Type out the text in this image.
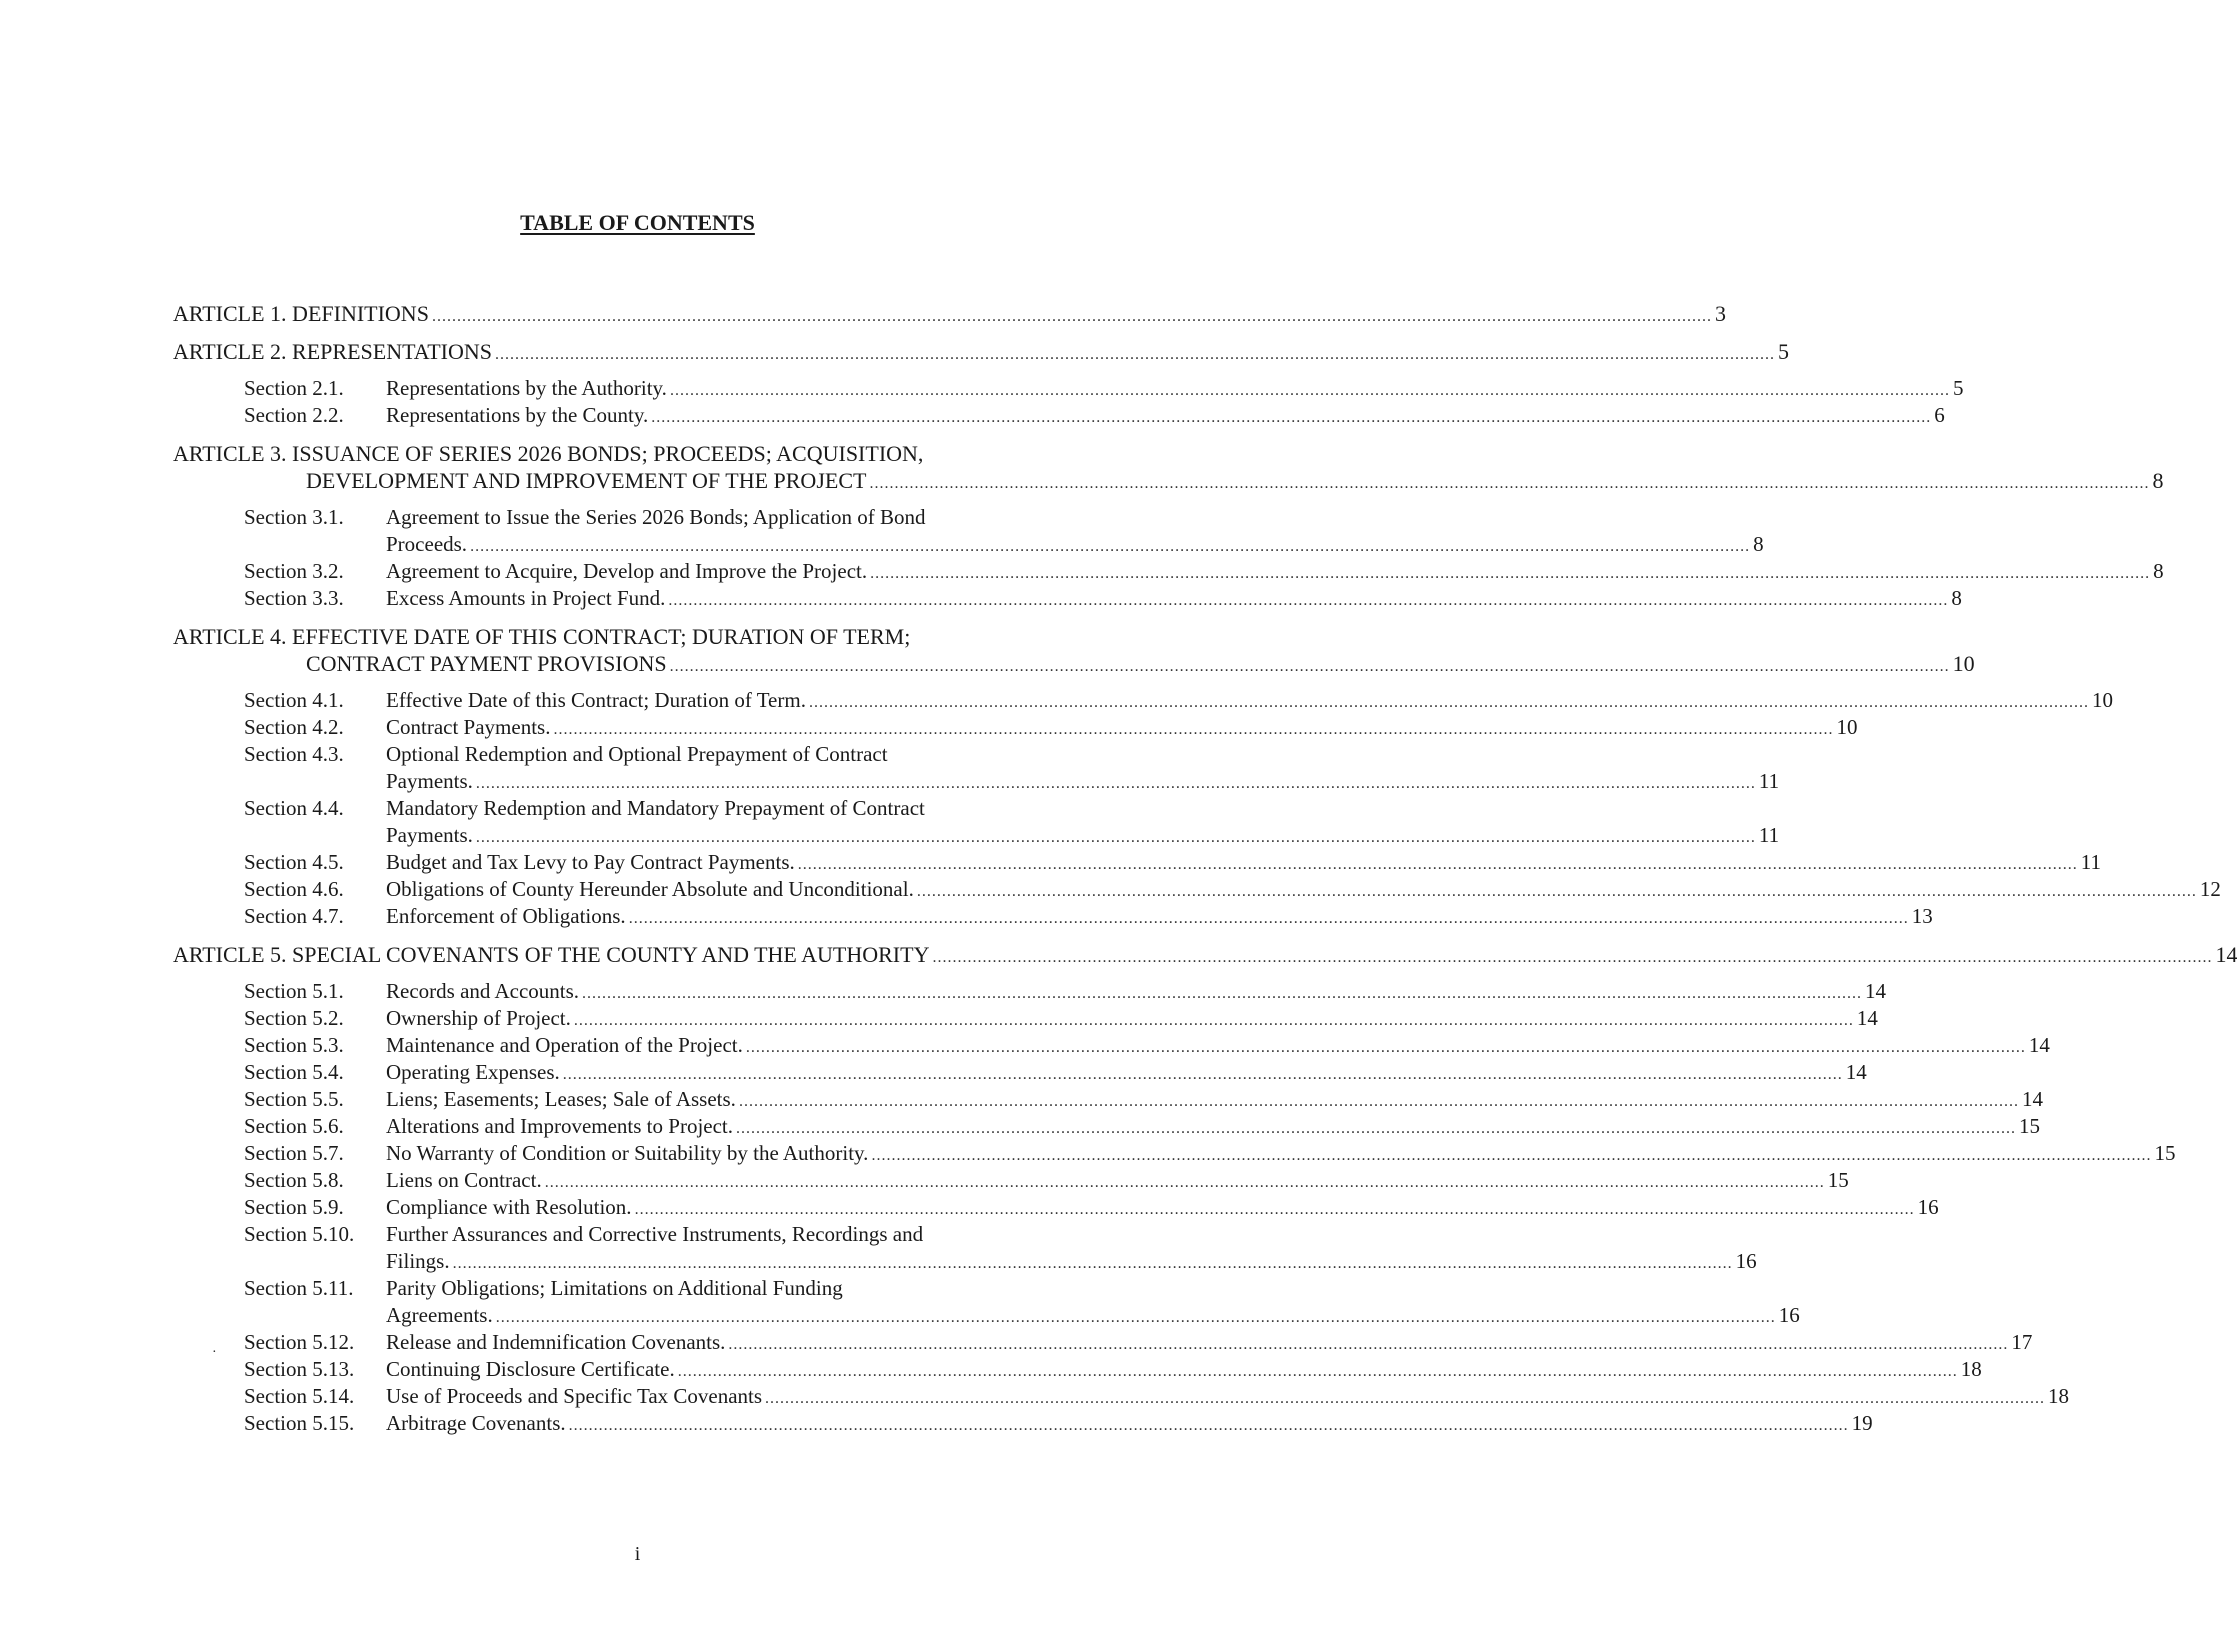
TABLE OF CONTENTS
ARTICLE 1. DEFINITIONS .....	3
ARTICLE 2. REPRESENTATIONS .....	5
Section 2.1.	Representations by the Authority. .....	5
Section 2.2.	Representations by the County. .....	6
ARTICLE 3. ISSUANCE OF SERIES 2026 BONDS; PROCEEDS; ACQUISITION,
DEVELOPMENT AND IMPROVEMENT OF THE PROJECT .....	8
Section 3.1.	Agreement to Issue the Series 2026 Bonds; Application of Bond
Proceeds. .....	8
Section 3.2.	Agreement to Acquire, Develop and Improve the Project. .....	8
Section 3.3.	Excess Amounts in Project Fund. .....	8
ARTICLE 4. EFFECTIVE DATE OF THIS CONTRACT; DURATION OF TERM;
CONTRACT PAYMENT PROVISIONS .....	10
Section 4.1.	Effective Date of this Contract; Duration of Term. .....	10
Section 4.2.	Contract Payments. .....	10
Section 4.3.	Optional Redemption and Optional Prepayment of Contract
Payments. .....	11
Section 4.4.	Mandatory Redemption and Mandatory Prepayment of Contract
Payments. .....	11
Section 4.5.	Budget and Tax Levy to Pay Contract Payments. .....	11
Section 4.6.	Obligations of County Hereunder Absolute and Unconditional. .....	12
Section 4.7.	Enforcement of Obligations. .....	13
ARTICLE 5. SPECIAL COVENANTS OF THE COUNTY AND THE AUTHORITY .....	14
Section 5.1.	Records and Accounts. .....	14
Section 5.2.	Ownership of Project. .....	14
Section 5.3.	Maintenance and Operation of the Project. .....	14
Section 5.4.	Operating Expenses. .....	14
Section 5.5.	Liens; Easements; Leases; Sale of Assets. .....	14
Section 5.6.	Alterations and Improvements to Project. .....	15
Section 5.7.	No Warranty of Condition or Suitability by the Authority. .....	15
Section 5.8.	Liens on Contract. .....	15
Section 5.9.	Compliance with Resolution. .....	16
Section 5.10.	Further Assurances and Corrective Instruments, Recordings and
Filings. .....	16
Section 5.11.	Parity Obligations; Limitations on Additional Funding
Agreements. .....	16
Section 5.12.	Release and Indemnification Covenants. .....	17
Section 5.13.	Continuing Disclosure Certificate. .....	18
Section 5.14.	Use of Proceeds and Specific Tax Covenants .....	18
Section 5.15.	Arbitrage Covenants. .....	19
·
i
